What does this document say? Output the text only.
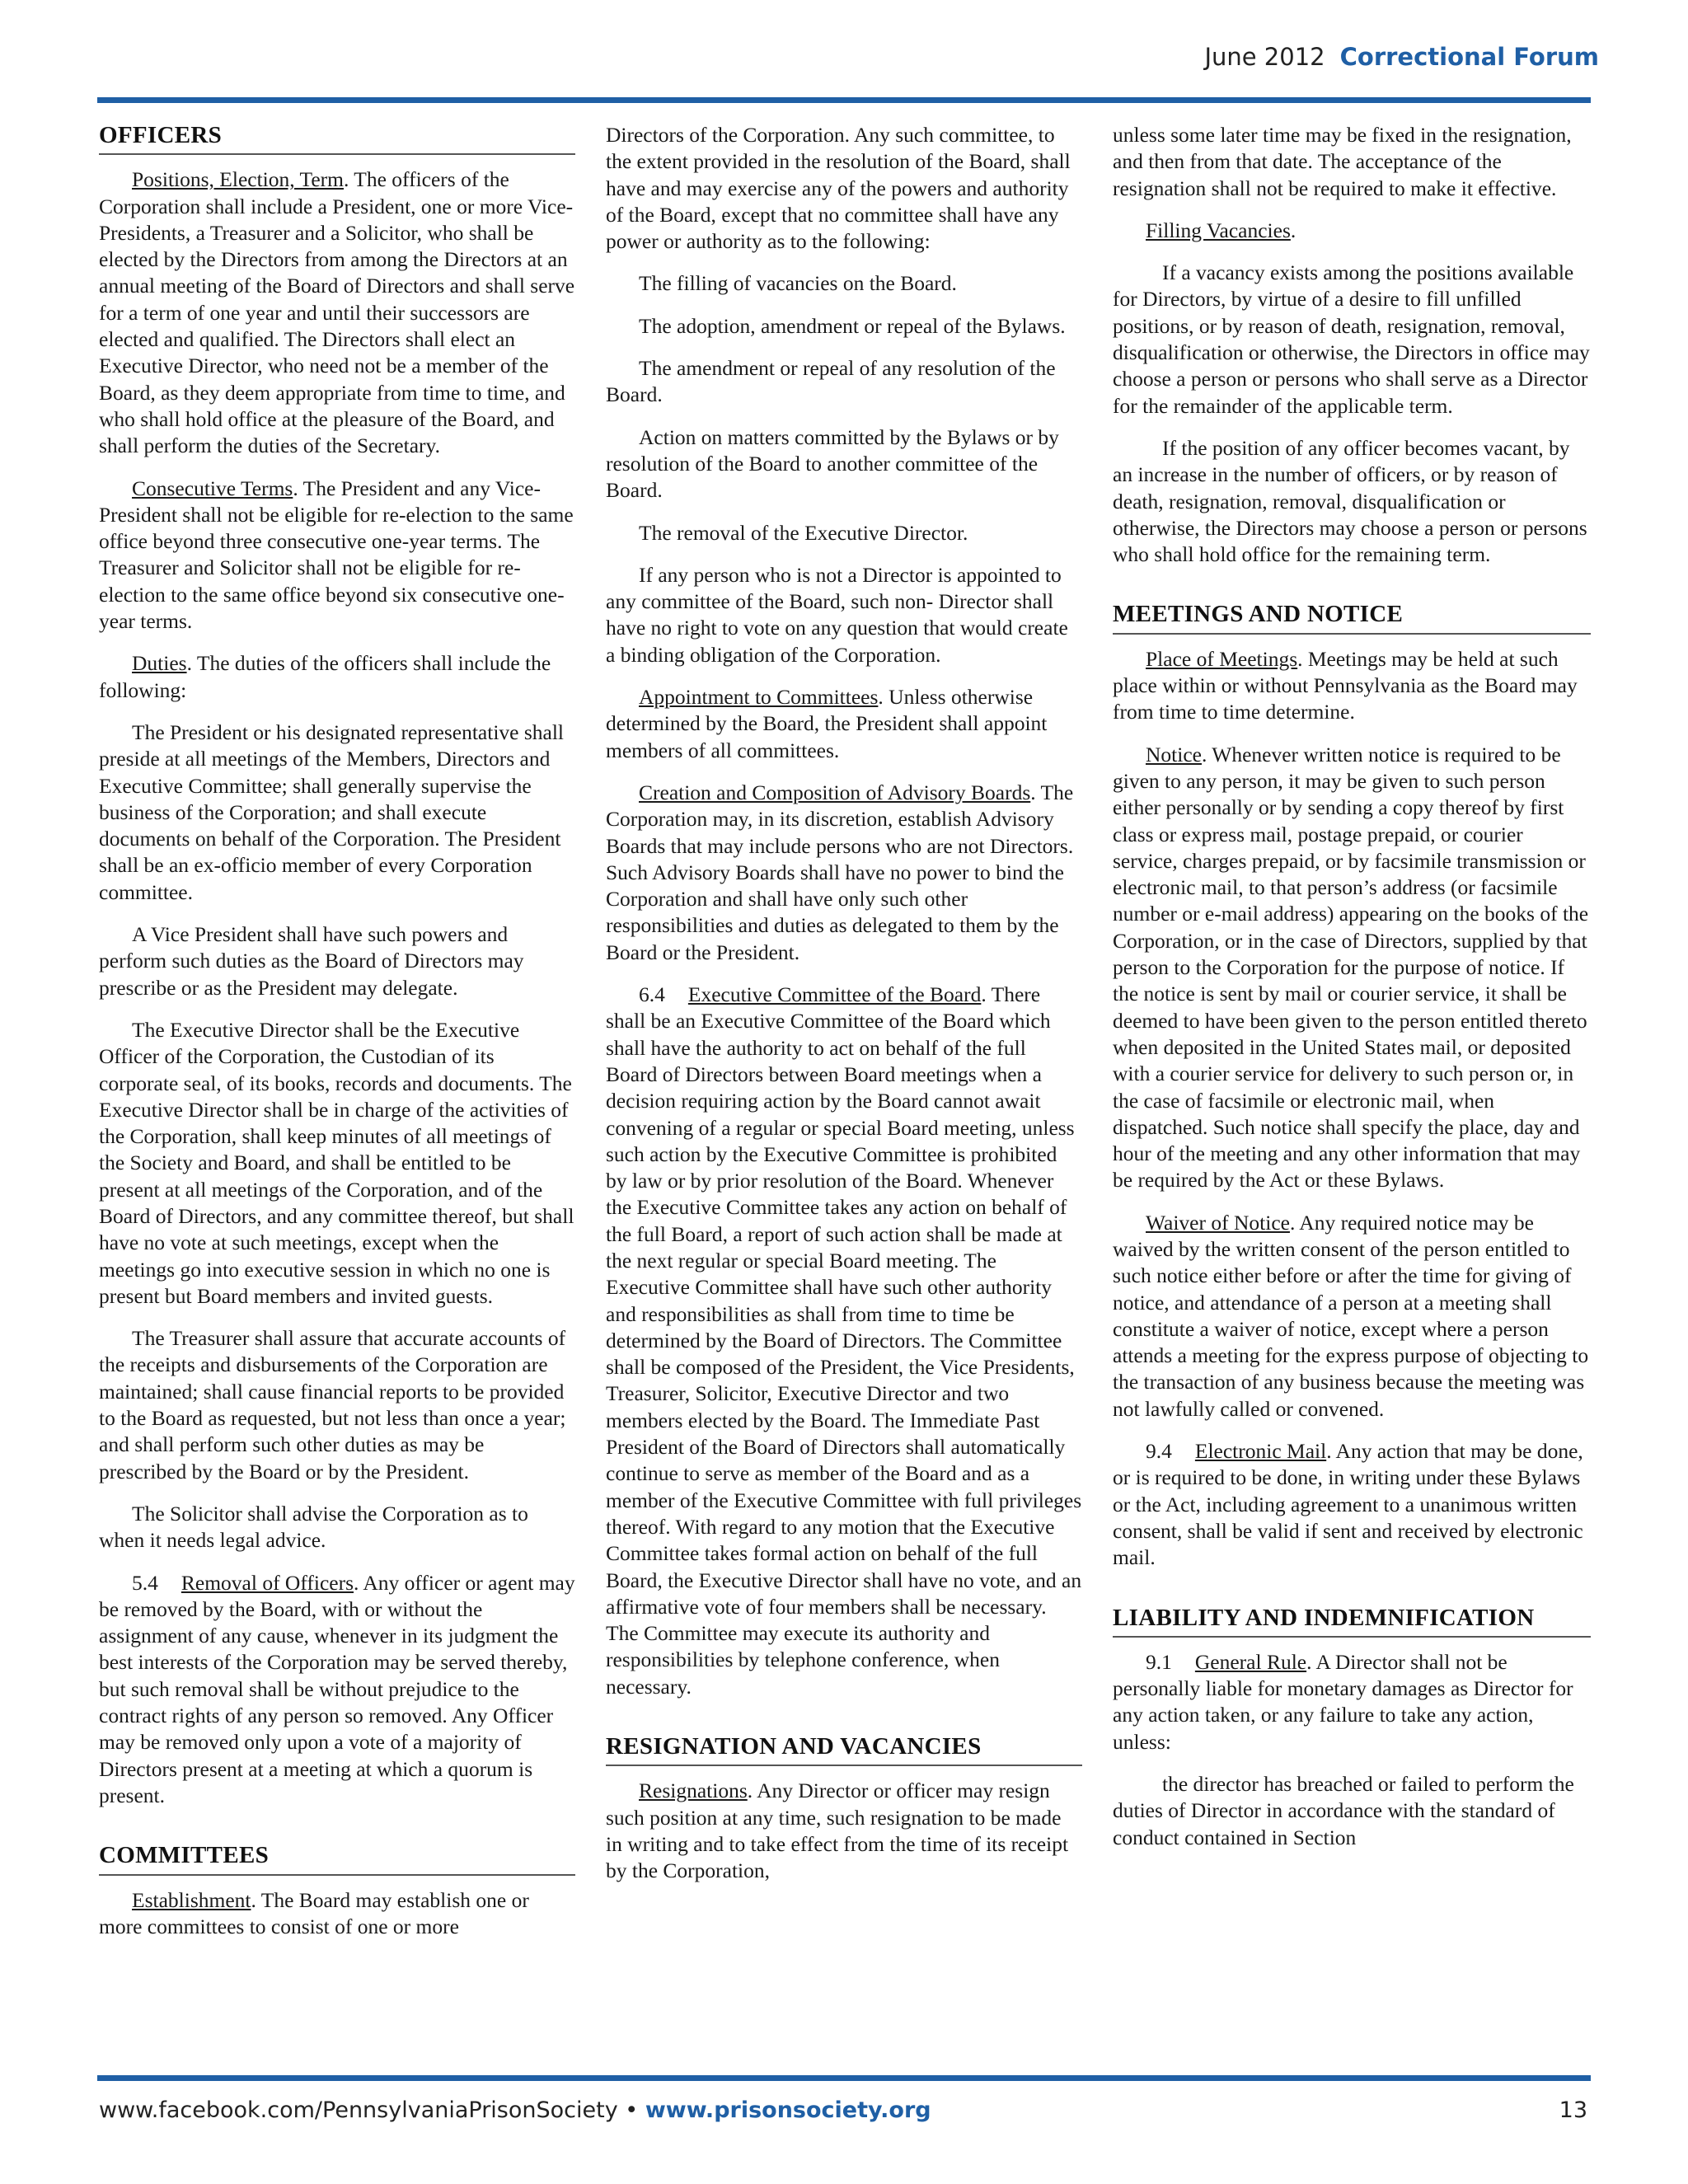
June 2012 Correctional Forum
OFFICERS

Positions, Election, Term. The officers of the Corporation shall include a President, one or more Vice-Presidents, a Treasurer and a Solicitor, who shall be elected by the Directors from among the Directors at an annual meeting of the Board of Directors and shall serve for a term of one year and until their successors are elected and qualified. The Directors shall elect an Executive Director, who need not be a member of the Board, as they deem appropriate from time to time, and who shall hold office at the pleasure of the Board, and shall perform the duties of the Secretary.

Consecutive Terms. The President and any Vice-President shall not be eligible for re-election to the same office beyond three consecutive one-year terms. The Treasurer and Solicitor shall not be eligible for re-election to the same office beyond six consecutive one-year terms.

Duties. The duties of the officers shall include the following:

The President or his designated representative shall preside at all meetings of the Members, Directors and Executive Committee; shall generally supervise the business of the Corporation; and shall execute documents on behalf of the Corporation. The President shall be an ex-officio member of every Corporation committee.

A Vice President shall have such powers and perform such duties as the Board of Directors may prescribe or as the President may delegate.

The Executive Director shall be the Executive Officer of the Corporation, the Custodian of its corporate seal, of its books, records and documents. The Executive Director shall be in charge of the activities of the Corporation, shall keep minutes of all meetings of the Society and Board, and shall be entitled to be present at all meetings of the Corporation, and of the Board of Directors, and any committee thereof, but shall have no vote at such meetings, except when the meetings go into executive session in which no one is present but Board members and invited guests.

The Treasurer shall assure that accurate accounts of the receipts and disbursements of the Corporation are maintained; shall cause financial reports to be provided to the Board as requested, but not less than once a year; and shall perform such other duties as may be prescribed by the Board or by the President.

The Solicitor shall advise the Corporation as to when it needs legal advice.

5.4 Removal of Officers. Any officer or agent may be removed by the Board, with or without the assignment of any cause, whenever in its judgment the best interests of the Corporation may be served thereby, but such removal shall be without prejudice to the contract rights of any person so removed. Any Officer may be removed only upon a vote of a majority of Directors present at a meeting at which a quorum is present.

COMMITTEES

Establishment. The Board may establish one or more committees to consist of one or more

Directors of the Corporation. Any such committee, to the extent provided in the resolution of the Board, shall have and may exercise any of the powers and authority of the Board, except that no committee shall have any power or authority as to the following:

The filling of vacancies on the Board.

The adoption, amendment or repeal of the Bylaws.

The amendment or repeal of any resolution of the Board.

Action on matters committed by the Bylaws or by resolution of the Board to another committee of the Board.

The removal of the Executive Director.

If any person who is not a Director is appointed to any committee of the Board, such non- Director shall have no right to vote on any question that would create a binding obligation of the Corporation.

Appointment to Committees. Unless otherwise determined by the Board, the President shall appoint members of all committees.

Creation and Composition of Advisory Boards. The Corporation may, in its discretion, establish Advisory Boards that may include persons who are not Directors. Such Advisory Boards shall have no power to bind the Corporation and shall have only such other responsibilities and duties as delegated to them by the Board or the President.

6.4 Executive Committee of the Board. There shall be an Executive Committee of the Board which shall have the authority to act on behalf of the full Board of Directors between Board meetings when a decision requiring action by the Board cannot await convening of a regular or special Board meeting, unless such action by the Executive Committee is prohibited by law or by prior resolution of the Board. Whenever the Executive Committee takes any action on behalf of the full Board, a report of such action shall be made at the next regular or special Board meeting. The Executive Committee shall have such other authority and responsibilities as shall from time to time be determined by the Board of Directors. The Committee shall be composed of the President, the Vice Presidents, Treasurer, Solicitor, Executive Director and two members elected by the Board. The Immediate Past President of the Board of Directors shall automatically continue to serve as member of the Board and as a member of the Executive Committee with full privileges thereof. With regard to any motion that the Executive Committee takes formal action on behalf of the full Board, the Executive Director shall have no vote, and an affirmative vote of four members shall be necessary. The Committee may execute its authority and responsibilities by telephone conference, when necessary.

RESIGNATION AND VACANCIES

Resignations. Any Director or officer may resign such position at any time, such resignation to be made in writing and to take effect from the time of its receipt by the Corporation,

unless some later time may be fixed in the resignation, and then from that date. The acceptance of the resignation shall not be required to make it effective.

Filling Vacancies.

If a vacancy exists among the positions available for Directors, by virtue of a desire to fill unfilled positions, or by reason of death, resignation, removal, disqualification or otherwise, the Directors in office may choose a person or persons who shall serve as a Director for the remainder of the applicable term.

If the position of any officer becomes vacant, by an increase in the number of officers, or by reason of death, resignation, removal, disqualification or otherwise, the Directors may choose a person or persons who shall hold office for the remaining term.

MEETINGS AND NOTICE

Place of Meetings. Meetings may be held at such place within or without Pennsylvania as the Board may from time to time determine.

Notice. Whenever written notice is required to be given to any person, it may be given to such person either personally or by sending a copy thereof by first class or express mail, postage prepaid, or courier service, charges prepaid, or by facsimile transmission or electronic mail, to that person’s address (or facsimile number or e-mail address) appearing on the books of the Corporation, or in the case of Directors, supplied by that person to the Corporation for the purpose of notice. If the notice is sent by mail or courier service, it shall be deemed to have been given to the person entitled thereto when deposited in the United States mail, or deposited with a courier service for delivery to such person or, in the case of facsimile or electronic mail, when dispatched. Such notice shall specify the place, day and hour of the meeting and any other information that may be required by the Act or these Bylaws.

Waiver of Notice. Any required notice may be waived by the written consent of the person entitled to such notice either before or after the time for giving of notice, and attendance of a person at a meeting shall constitute a waiver of notice, except where a person attends a meeting for the express purpose of objecting to the transaction of any business because the meeting was not lawfully called or convened.

9.4 Electronic Mail. Any action that may be done, or is required to be done, in writing under these Bylaws or the Act, including agreement to a unanimous written consent, shall be valid if sent and received by electronic mail.

LIABILITY AND INDEMNIFICATION

9.1 General Rule. A Director shall not be personally liable for monetary damages as Director for any action taken, or any failure to take any action, unless:

the director has breached or failed to perform the duties of Director in accordance with the standard of conduct contained in Section

www.facebook.com/PennsylvaniaPrisonSociety • www.prisonsociety.org	13
